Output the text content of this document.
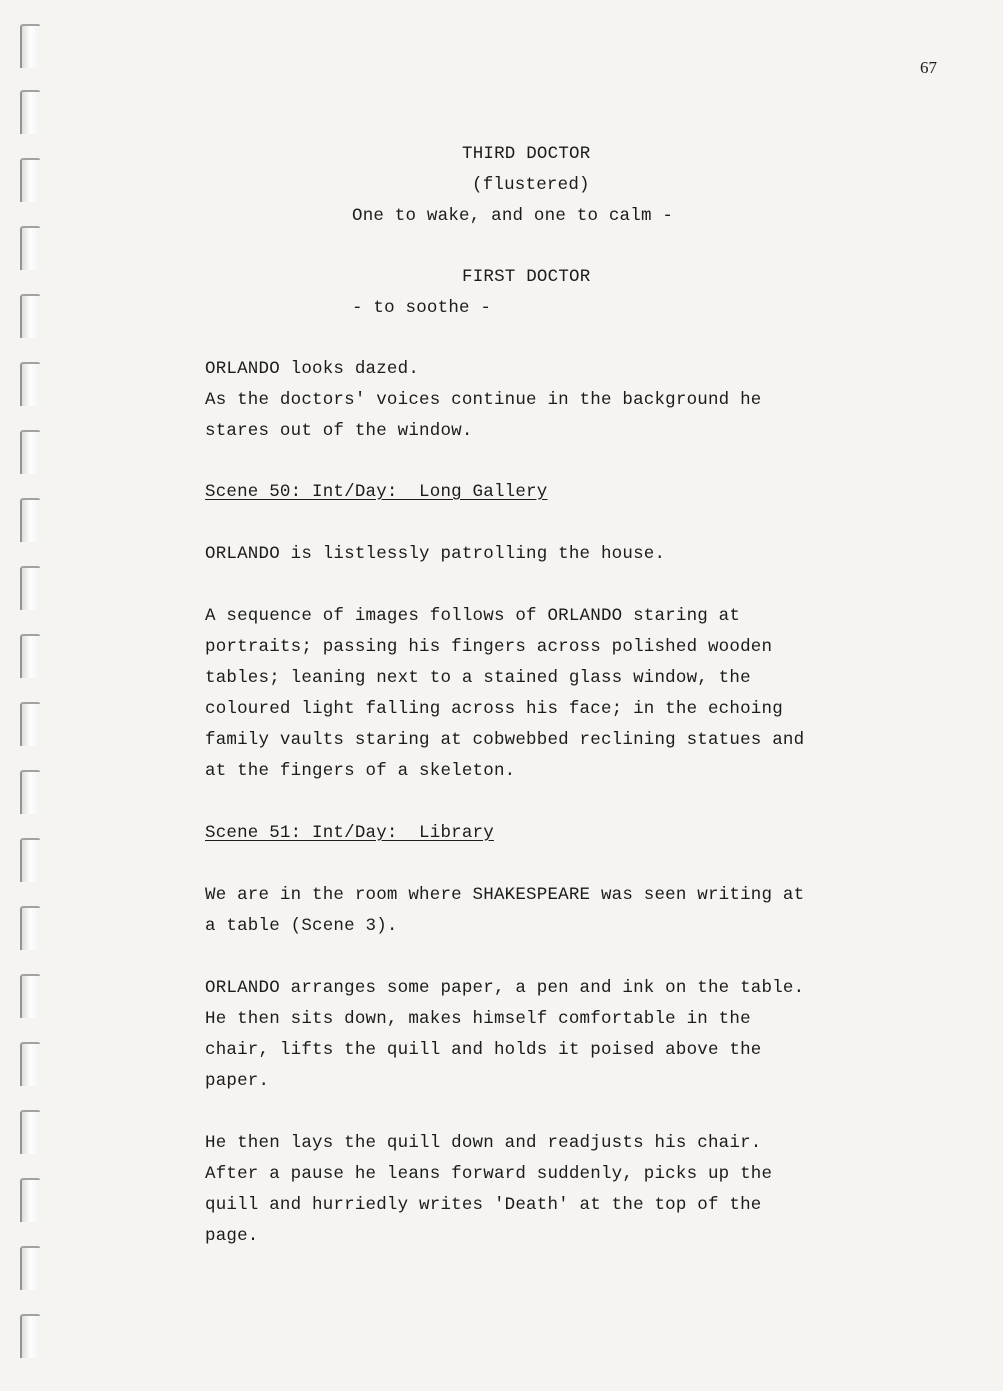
67
THIRD DOCTOR
(flustered)
One to wake, and one to calm -
FIRST DOCTOR
- to soothe -
ORLANDO looks dazed.
As the doctors' voices continue in the background he
stares out of the window.
Scene 50: Int/Day:  Long Gallery
ORLANDO is listlessly patrolling the house.
A sequence of images follows of ORLANDO staring at
portraits; passing his fingers across polished wooden
tables; leaning next to a stained glass window, the
coloured light falling across his face; in the echoing
family vaults staring at cobwebbed reclining statues and
at the fingers of a skeleton.
Scene 51: Int/Day:  Library
We are in the room where SHAKESPEARE was seen writing at
a table (Scene 3).
ORLANDO arranges some paper, a pen and ink on the table.
He then sits down, makes himself comfortable in the
chair, lifts the quill and holds it poised above the
paper.
He then lays the quill down and readjusts his chair.
After a pause he leans forward suddenly, picks up the
quill and hurriedly writes 'Death' at the top of the
page.
